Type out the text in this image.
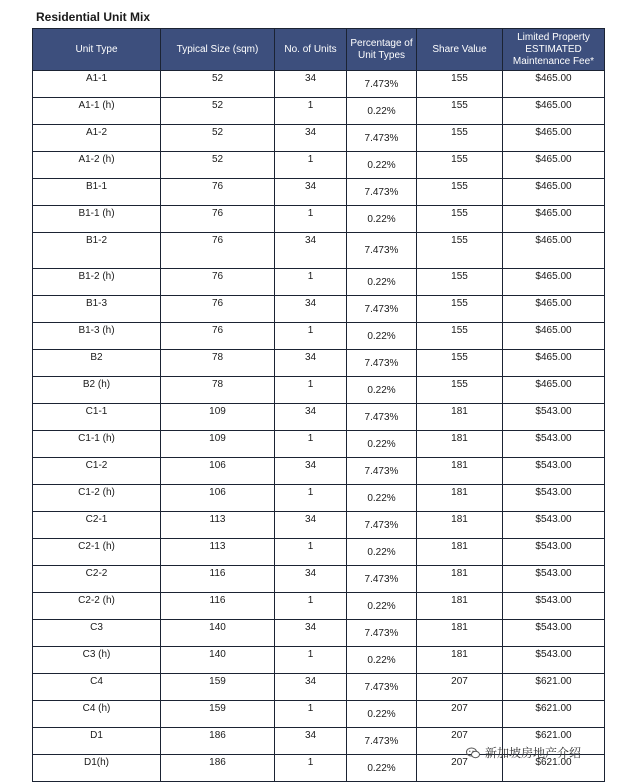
Residential Unit Mix
Unit Type	Typical Size (sqm)	No. of Units	Percentage of Unit Types	Share Value	Limited Property ESTIMATED Maintenance Fee*
A1-1	52	34	7.473%	155	$465.00
A1-1 (h)	52	1	0.22%	155	$465.00
A1-2	52	34	7.473%	155	$465.00
A1-2 (h)	52	1	0.22%	155	$465.00
B1-1	76	34	7.473%	155	$465.00
B1-1 (h)	76	1	0.22%	155	$465.00
B1-2	76	34	7.473%	155	$465.00
B1-2 (h)	76	1	0.22%	155	$465.00
B1-3	76	34	7.473%	155	$465.00
B1-3 (h)	76	1	0.22%	155	$465.00
B2	78	34	7.473%	155	$465.00
B2 (h)	78	1	0.22%	155	$465.00
C1-1	109	34	7.473%	181	$543.00
C1-1 (h)	109	1	0.22%	181	$543.00
C1-2	106	34	7.473%	181	$543.00
C1-2 (h)	106	1	0.22%	181	$543.00
C2-1	113	34	7.473%	181	$543.00
C2-1 (h)	113	1	0.22%	181	$543.00
C2-2	116	34	7.473%	181	$543.00
C2-2 (h)	116	1	0.22%	181	$543.00
C3	140	34	7.473%	181	$543.00
C3 (h)	140	1	0.22%	181	$543.00
C4	159	34	7.473%	207	$621.00
C4 (h)	159	1	0.22%	207	$621.00
D1	186	34	7.473%	207	$621.00
D1(h)	186	1	0.22%	207	$621.00
新加坡房地产介绍
